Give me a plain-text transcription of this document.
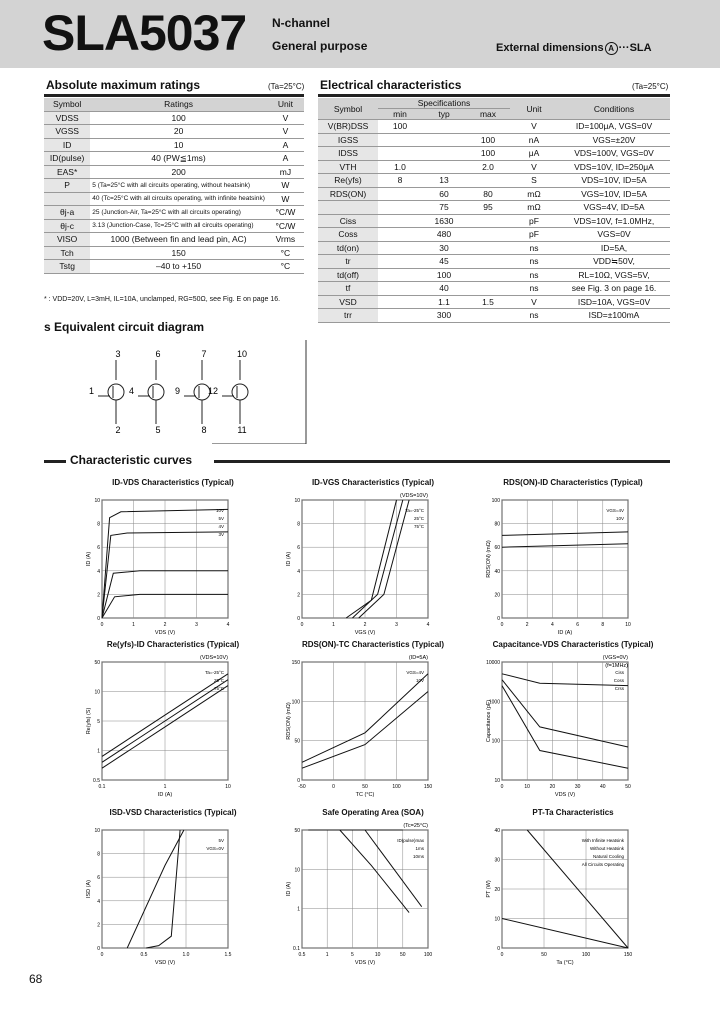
SLA5037 N-channel
General purpose	External dimensions A ···SLA
Absolute maximum ratings	(Ta=25°C)
Symbol	Ratings	Unit
VDSS	100	V
VGSS	20	V
ID	10	A
ID(pulse)	40 (PW≦1ms)	A
EAS*	200	mJ
P	5 (Ta=25°C with all circuits operating, without heatsink)	W
	40 (Tc=25°C with all circuits operating, with infinite heatsink)	W
θj-a	25 (Junction-Air, Ta=25°C with all circuits operating)	°C/W
θj-c	3.13 (Junction-Case, Tc=25°C with all circuits operating)	°C/W
VISO	1000 (Between fin and lead pin, AC)	Vrms
Tch	150	°C
Tstg	–40 to +150	°C
* : VDD=20V, L=3mH, IL=10A, unclamped, RG=50Ω, see Fig. E on page 16.
Electrical characteristics	(Ta=25°C)
Symbol	Specifications			Unit	Conditions
	min	typ	max		
V(BR)DSS	100			V	ID=100μA, VGS=0V
IGSS			100	nA	VGS=±20V
IDSS			100	μA	VDS=100V, VGS=0V
VTH	1.0		2.0	V	VDS=10V, ID=250μA
Re(yfs)	8	13		S	VDS=10V, ID=5A
RDS(ON)		60	80	mΩ	VGS=10V, ID=5A
		75	95	mΩ	VGS=4V, ID=5A
Ciss		1630		pF	VDS=10V, f=1.0MHz,
Coss		480		pF	VGS=0V
td(on)		30		ns	ID=5A,
tr		45		ns	VDD≒50V,
td(off)		100		ns	RL=10Ω, VGS=5V,
tf		40		ns	see Fig. 3 on page 16.
VSD		1.1	1.5	V	ISD=10A, VGS=0V
trr		300		ns	ISD=±100mA
s Equivalent circuit diagram
3
1
2
6
4
5
7
9
8
10
12
11
Characteristic curves
ID-VDS Characteristics (Typical)
0	1	2	3	4
0
2
4
6
8
10
VDS (V)
ID (A)
10V
5V
4V
3V
ID-VGS Characteristics (Typical)
0	1	2	3	4
0
2
4
6
8
10
VGS (V)
ID (A)
(VDS=10V)
Ta=-25°C
25°C
75°C
RDS(ON)-ID Characteristics (Typical)
0	2	4	6	8	10
0
20
40
60
80
100
ID (A)
RDS(ON) (mΩ)
VGS=4V
10V
Re(yfs)-ID Characteristics (Typical)
0.1	1	10
0.5
1
5
10
50
ID (A)
Re(yfs) (S)
(VDS=10V)
Ta=-25°C
25°C
75°C
RDS(ON)-TC Characteristics (Typical)
-50	0	50	100	150
0
50
100
150
TC (°C)
RDS(ON) (mΩ)
(ID=5A)
VGS=4V
10V
Capacitance-VDS Characteristics (Typical)
0	10	20	30	40	50
10
100
1000
10000
VDS (V)
Capacitance (pF)
(VGS=0V)
(f=1MHz)
Ciss
Coss
Crss
ISD-VSD Characteristics (Typical)
0	0.5	1.0	1.5
0
2
4
6
8
10
VSD (V)
ISD (A)
5V
VGS=0V
Safe Operating Area (SOA)
0.5	1	5	10	50	100
0.1
1
10
50
VDS (V)
ID (A)
(Tc=25°C)
ID(pulse)max
1ms
10ms
PT-Ta Characteristics
0	50	100	150
0
10
20
30
40
Ta (°C)
PT (W)
With Infinite Heatsink
Without Heatsink
Natural Cooling
All Circuits Operating
68
